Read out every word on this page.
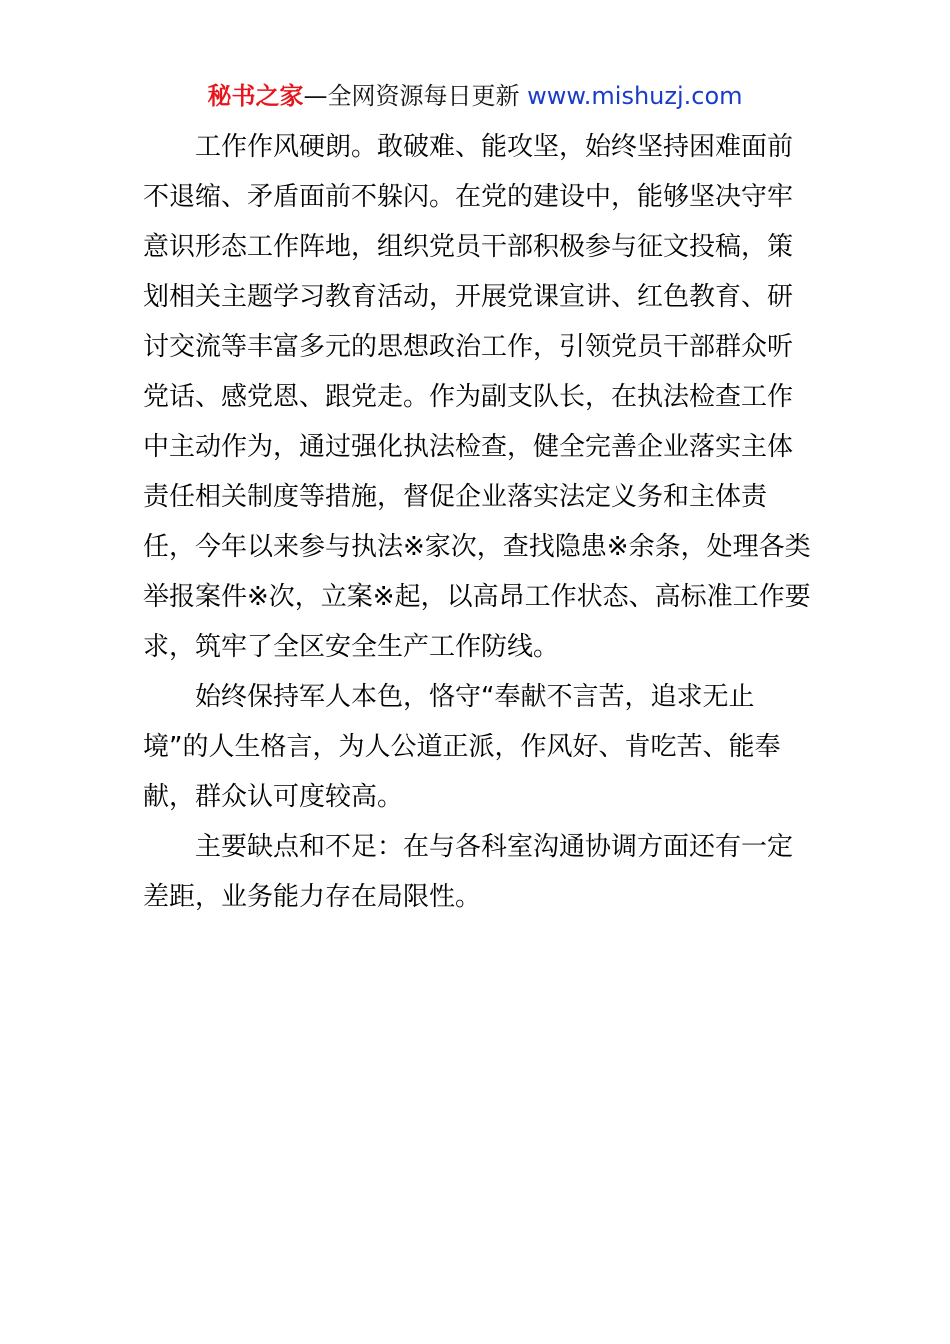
秘书之家—全网资源每日更新 www.mishuzj.com
工作作风硬朗。敢破难、能攻坚，始终坚持困难面前
不退缩、矛盾面前不躲闪。在党的建设中，能够坚决守牢
意识形态工作阵地，组织党员干部积极参与征文投稿，策
划相关主题学习教育活动，开展党课宣讲、红色教育、研
讨交流等丰富多元的思想政治工作，引领党员干部群众听
党话、感党恩、跟党走。作为副支队长，在执法检查工作
中主动作为，通过强化执法检查，健全完善企业落实主体
责任相关制度等措施，督促企业落实法定义务和主体责
任，今年以来参与执法※家次，查找隐患※余条，处理各类
举报案件※次，立案※起，以高昂工作状态、高标准工作要
求，筑牢了全区安全生产工作防线。
始终保持军人本色，恪守“奉献不言苦，追求无止
境”的人生格言，为人公道正派，作风好、肯吃苦、能奉
献，群众认可度较高。
主要缺点和不足：在与各科室沟通协调方面还有一定
差距，业务能力存在局限性。
